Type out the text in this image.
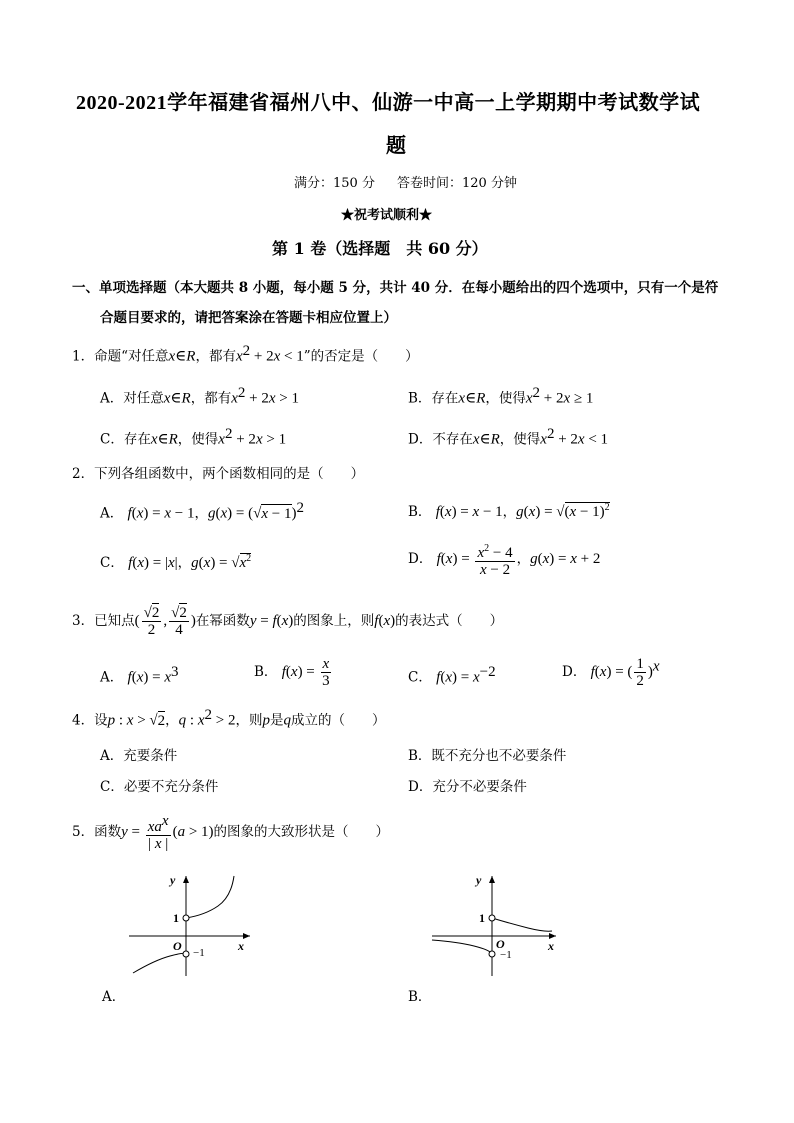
2020-2021学年福建省福州八中、仙游一中高一上学期期中考试数学试
题
满分：150 分 答卷时间：120 分钟
★祝考试顺利★
第 1 卷（选择题　共 60 分）
一、单项选择题（本大题共 8 小题，每小题 5 分，共计 40 分．在每小题给出的四个选项中，只有一个是符
合题目要求的，请把答案涂在答题卡相应位置上）
1．命题“对任意x∈R，都有$x^2 + 2x < 1$”的否定是（　　）
A．对任意x∈R，都有$x^2 + 2x > 1$	B．存在x∈R，使得$x^2 + 2x \ge 1$
C．存在x∈R，使得$x^2 + 2x > 1$	D．不存在x∈R，使得$x^2 + 2x < 1$
2．下列各组函数中，两个函数相同的是（　　）
A． f(x) = x − 1，$g(x) = (√x - 1)^2$	B． f(x) = x − 1，$g(x) = √(x - 1)^2$
C． f(x) = |x|，$g(x) = √x^2$	D． $f(x) = \frac{x^2 - 4}{x - 2}$ ，g(x) = x + 2
3．已知点( $\frac{√2}{2}$ , $\frac{√2}{4}$ )在幂函数y = f(x)的图象上，则f(x)的表达式（　　）
A． $f(x) = x^3$	B． $f(x) = \frac{x}{3}$	C． $f(x) = x^{-2}$	D． f(x) = ( $\frac{1}{2} )^x$
4．设p : x > √2，q : $x^2 > 2$，则p是q成立的（　　）
A．充要条件	B．既不充分也不必要条件
C．必要不充分条件	D．充分不必要条件
5．函数$y = \frac{xa^x}{| x |} (a > 1)$的图象的大致形状是（　　）
y
x
1
O −1
A．
y
x
1
O
−1
B．
